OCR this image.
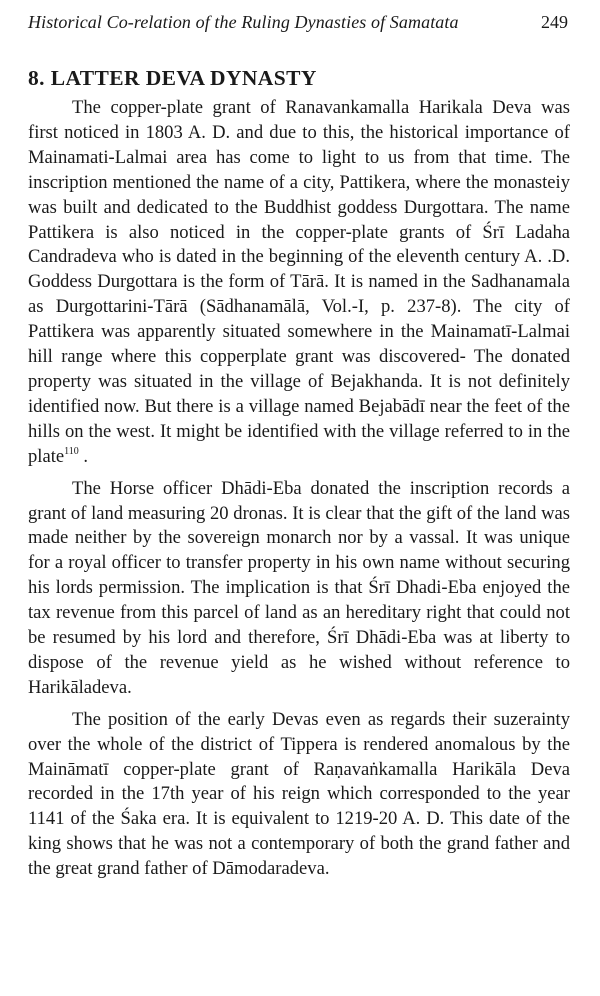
Historical Co-relation of the Ruling Dynasties of Samatata	249
8. LATTER DEVA DYNASTY

The copper-plate grant of Ranavankamalla Harikala Deva was first noticed in 1803 A. D. and due to this, the historical importance of Mainamati-Lalmai area has come to light to us from that time. The inscription mentioned the name of a city, Pattikera, where the monasteiy was built and dedicated to the Buddhist goddess Durgottara. The name Pattikera is also noticed in the copper-plate grants of Śrī Ladaha Candradeva who is dated in the beginning of the eleventh century A. .D. Goddess Durgottara is the form of Tārā. It is named in the Sadhanamala as Durgottarini-Tārā (Sādhanamālā, Vol.-I, p. 237-8). The city of Pattikera was apparently situated somewhere in the Mainamatī-Lalmai hill range where this copperplate grant was discovered- The donated property was situated in the village of Bejakhanda. It is not definitely identified now. But there is a village named Bejabādī near the feet of the hills on the west. It might be identified with the village referred to in the plate$^{110}$ .

The Horse officer Dhādi-Eba donated the inscription records a grant of land measuring 20 dronas. It is clear that the gift of the land was made neither by the sovereign monarch nor by a vassal. It was unique for a royal officer to transfer property in his own name without securing his lords permission. The implication is that Śrī Dhadi-Eba enjoyed the tax revenue from this parcel of land as an hereditary right that could not be resumed by his lord and therefore, Śrī Dhādi-Eba was at liberty to dispose of the revenue yield as he wished without reference to Harikāladeva.

The position of the early Devas even as regards their suzerainty over the whole of the district of Tippera is rendered anomalous by the Maināmatī copper-plate grant of Raṇavaṅkamalla Harikāla Deva recorded in the 17th year of his reign which corresponded to the year 1141 of the Śaka era. It is equivalent to 1219-20 A. D. This date of the king shows that he was not a contemporary of both the grand father and the great grand father of Dāmodaradeva.
